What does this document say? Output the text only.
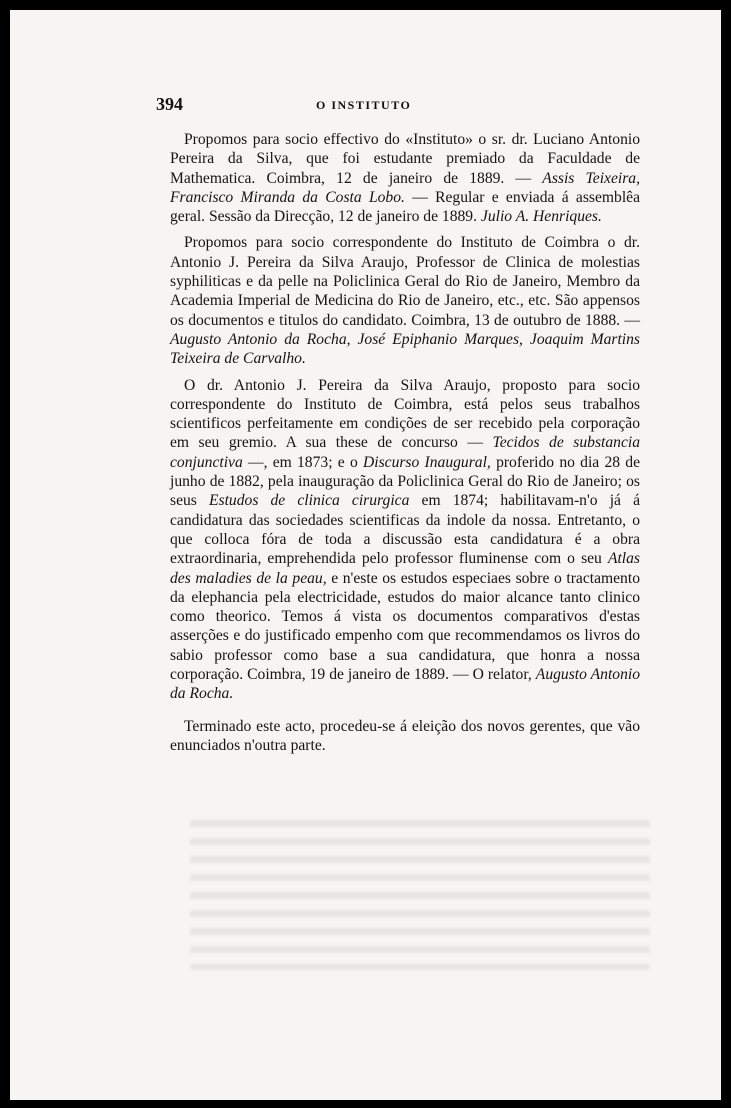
394	O INSTITUTO

Propomos para socio effectivo do «Instituto» o sr. dr. Luciano Antonio Pereira da Silva, que foi estudante premiado da Faculdade de Mathematica. Coimbra, 12 de janeiro de 1889. — Assis Teixeira, Francisco Miranda da Costa Lobo. — Regular e enviada á assemblêa geral. Sessão da Direcção, 12 de janeiro de 1889. Julio A. Henriques.

Propomos para socio correspondente do Instituto de Coimbra o dr. Antonio J. Pereira da Silva Araujo, Professor de Clinica de molestias syphiliticas e da pelle na Policlinica Geral do Rio de Janeiro, Membro da Academia Imperial de Medicina do Rio de Janeiro, etc., etc. São appensos os documentos e titulos do candidato. Coimbra, 13 de outubro de 1888. — Augusto Antonio da Rocha, José Epiphanio Marques, Joaquim Martins Teixeira de Carvalho.

O dr. Antonio J. Pereira da Silva Araujo, proposto para socio correspondente do Instituto de Coimbra, está pelos seus trabalhos scientificos perfeitamente em condições de ser recebido pela corporação em seu gremio. A sua these de concurso — Tecidos de substancia conjunctiva —, em 1873; e o Discurso Inaugural, proferido no dia 28 de junho de 1882, pela inauguração da Policlinica Geral do Rio de Janeiro; os seus Estudos de clinica cirurgica em 1874; habilitavam-n'o já á candidatura das sociedades scientificas da indole da nossa. Entretanto, o que colloca fóra de toda a discussão esta candidatura é a obra extraordinaria, emprehendida pelo professor fluminense com o seu Atlas des maladies de la peau, e n'este os estudos especiaes sobre o tractamento da elephancia pela electricidade, estudos do maior alcance tanto clinico como theorico. Temos á vista os documentos comparativos d'estas asserções e do justificado empenho com que recommendamos os livros do sabio professor como base a sua candidatura, que honra a nossa corporação. Coimbra, 19 de janeiro de 1889. — O relator, Augusto Antonio da Rocha.

Terminado este acto, procedeu-se á eleição dos novos gerentes, que vão enunciados n'outra parte.
